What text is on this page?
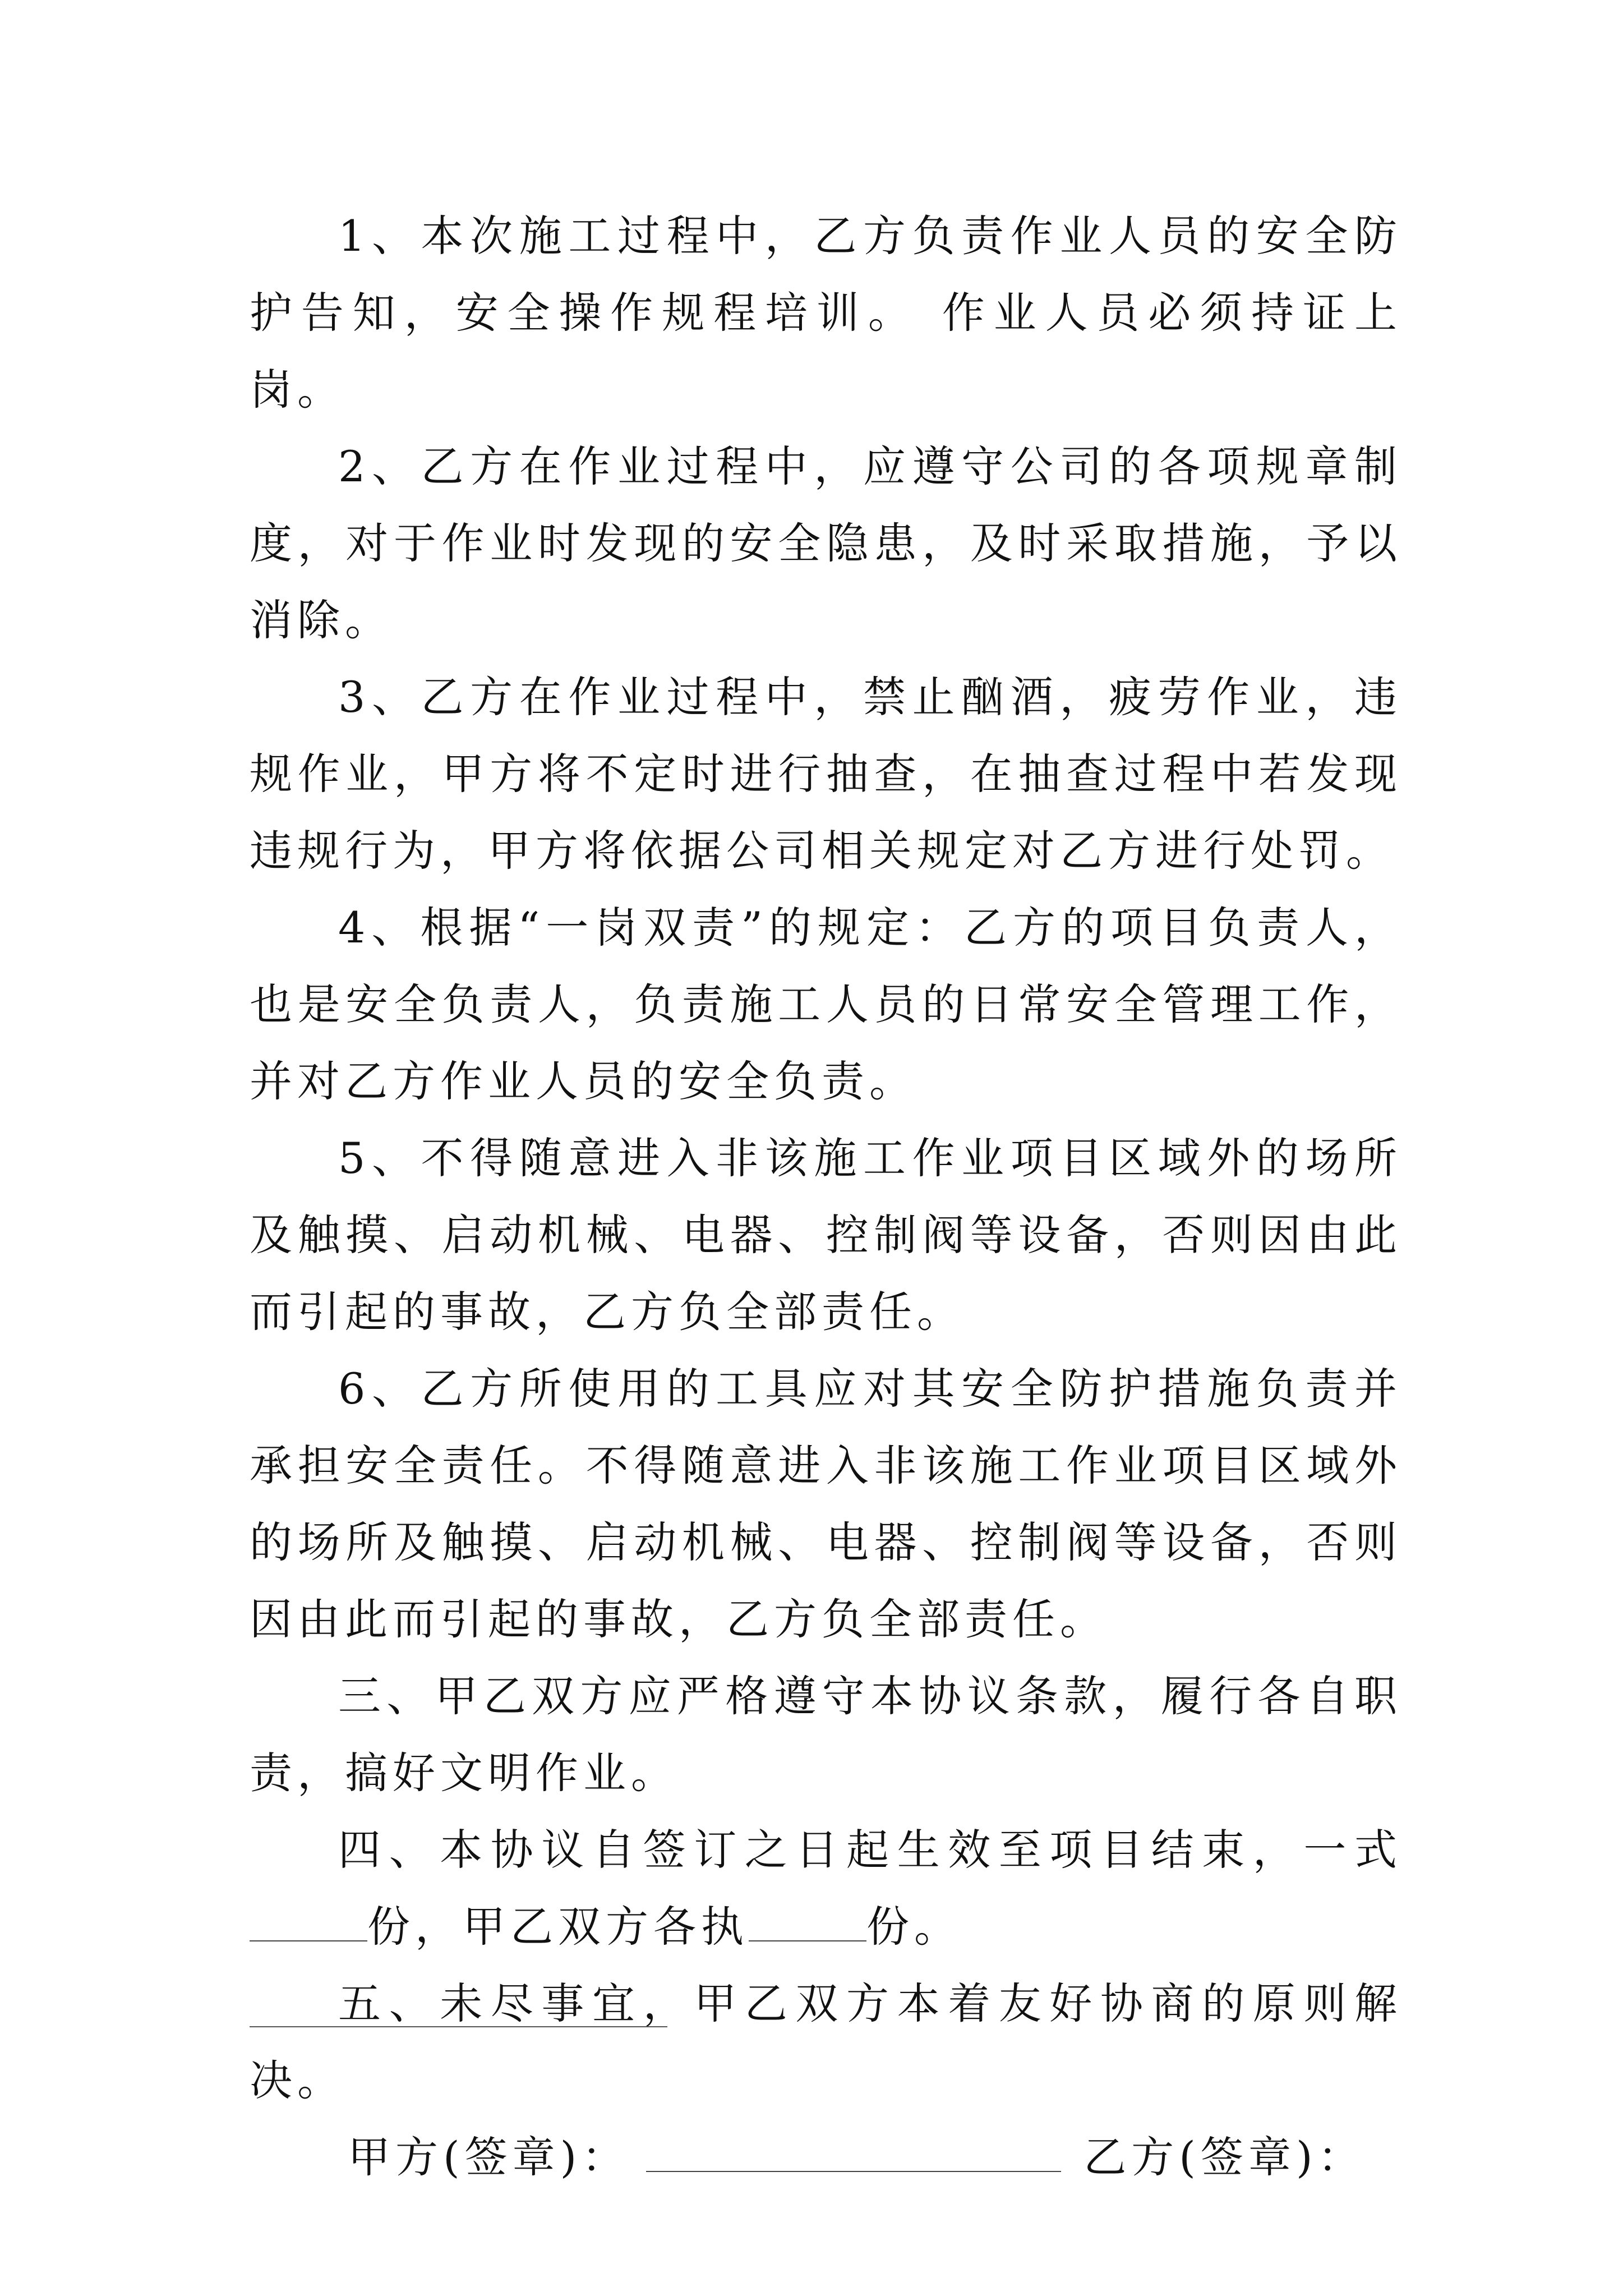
1、本次施工过程中，乙方负责作业人员的安全防护告知，安全操作规程培训。 作业人员必须持证上岗。

2、乙方在作业过程中，应遵守公司的各项规章制度，对于作业时发现的安全隐患，及时采取措施，予以消除。

3、乙方在作业过程中，禁止酗酒，疲劳作业，违规作业，甲方将不定时进行抽查，在抽查过程中若发现违规行为，甲方将依据公司相关规定对乙方进行处罚。

4、根据“一岗双责”的规定：乙方的项目负责人，也是安全负责人，负责施工人员的日常安全管理工作，并对乙方作业人员的安全负责。

5、不得随意进入非该施工作业项目区域外的场所及触摸、启动机械、电器、控制阀等设备，否则因由此而引起的事故，乙方负全部责任。

6、乙方所使用的工具应对其安全防护措施负责并承担安全责任。不得随意进入非该施工作业项目区域外的场所及触摸、启动机械、电器、控制阀等设备，否则因由此而引起的事故，乙方负全部责任。

三、甲乙双方应严格遵守本协议条款，履行各自职责，搞好文明作业。

四、本协议自签订之日起生效至项目结束，一式份，甲乙双方各执	份。

五、未尽事宜，甲乙双方本着友好协商的原则解决。

甲方(签章)：	乙方(签章)：
